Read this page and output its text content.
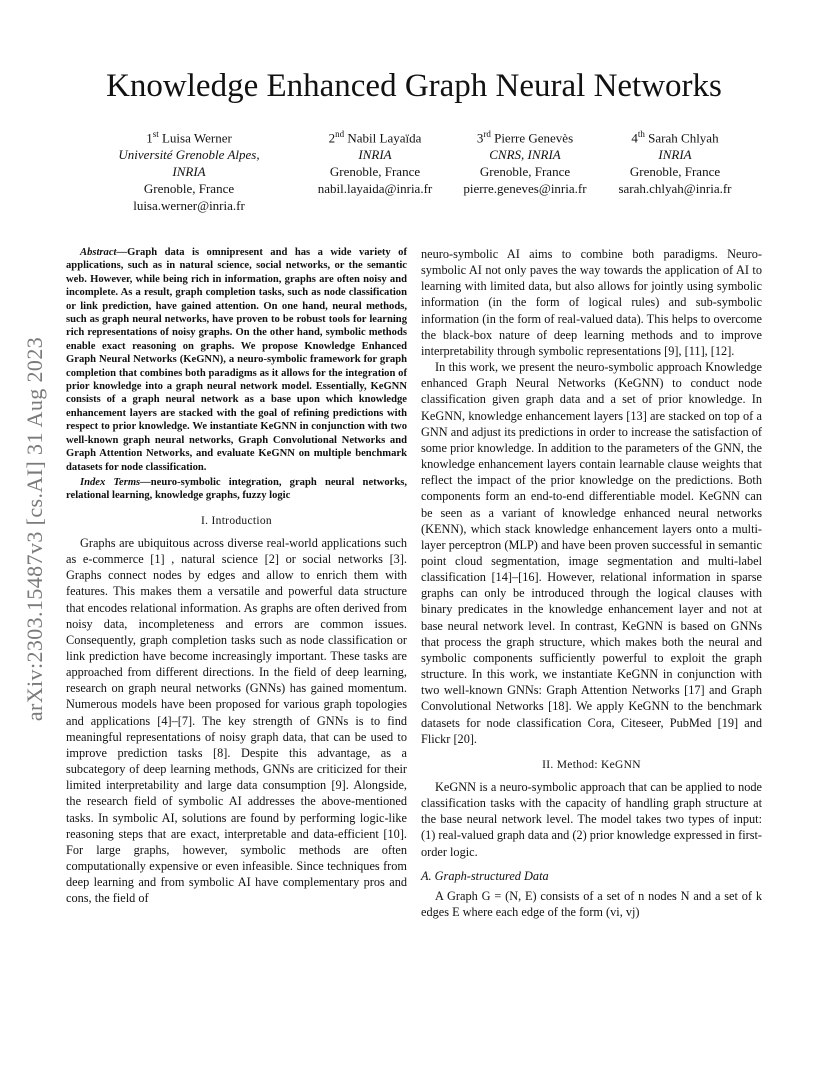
Knowledge Enhanced Graph Neural Networks
1st Luisa Werner
Université Grenoble Alpes, INRIA
Grenoble, France
luisa.werner@inria.fr
2nd Nabil Layaïda
INRIA
Grenoble, France
nabil.layaida@inria.fr
3rd Pierre Genevès
CNRS, INRIA
Grenoble, France
pierre.geneves@inria.fr
4th Sarah Chlyah
INRIA
Grenoble, France
sarah.chlyah@inria.fr
arXiv:2303.15487v3 [cs.AI] 31 Aug 2023

Abstract—Graph data is omnipresent and has a wide variety of applications, such as in natural science, social networks, or the semantic web. However, while being rich in information, graphs are often noisy and incomplete. As a result, graph completion tasks, such as node classification or link prediction, have gained attention. On one hand, neural methods, such as graph neural networks, have proven to be robust tools for learning rich representations of noisy graphs. On the other hand, symbolic methods enable exact reasoning on graphs. We propose Knowledge Enhanced Graph Neural Networks (KeGNN), a neuro-symbolic framework for graph completion that combines both paradigms as it allows for the integration of prior knowledge into a graph neural network model. Essentially, KeGNN consists of a graph neural network as a base upon which knowledge enhancement layers are stacked with the goal of refining predictions with respect to prior knowledge. We instantiate KeGNN in conjunction with two well-known graph neural networks, Graph Convolutional Networks and Graph Attention Networks, and evaluate KeGNN on multiple benchmark datasets for node classification.

Index Terms—neuro-symbolic integration, graph neural networks, relational learning, knowledge graphs, fuzzy logic

I. Introduction

Graphs are ubiquitous across diverse real-world applications such as e-commerce [1] , natural science [2] or social networks [3]. Graphs connect nodes by edges and allow to enrich them with features. This makes them a versatile and powerful data structure that encodes relational information. As graphs are often derived from noisy data, incompleteness and errors are common issues. Consequently, graph completion tasks such as node classification or link prediction have become increasingly important. These tasks are approached from different directions. In the field of deep learning, research on graph neural networks (GNNs) has gained momentum. Numerous models have been proposed for various graph topologies and applications [4]–[7]. The key strength of GNNs is to find meaningful representations of noisy graph data, that can be used to improve prediction tasks [8]. Despite this advantage, as a subcategory of deep learning methods, GNNs are criticized for their limited interpretability and large data consumption [9]. Alongside, the research field of symbolic AI addresses the above-mentioned tasks. In symbolic AI, solutions are found by performing logic-like reasoning steps that are exact, interpretable and data-efficient [10]. For large graphs, however, symbolic methods are often computationally expensive or even infeasible. Since techniques from deep learning and from symbolic AI have complementary pros and cons, the field of

neuro-symbolic AI aims to combine both paradigms. Neuro-symbolic AI not only paves the way towards the application of AI to learning with limited data, but also allows for jointly using symbolic information (in the form of logical rules) and sub-symbolic information (in the form of real-valued data). This helps to overcome the black-box nature of deep learning methods and to improve interpretability through symbolic representations [9], [11], [12].

In this work, we present the neuro-symbolic approach Knowledge enhanced Graph Neural Networks (KeGNN) to conduct node classification given graph data and a set of prior knowledge. In KeGNN, knowledge enhancement layers [13] are stacked on top of a GNN and adjust its predictions in order to increase the satisfaction of some prior knowledge. In addition to the parameters of the GNN, the knowledge enhancement layers contain learnable clause weights that reflect the impact of the prior knowledge on the predictions. Both components form an end-to-end differentiable model. KeGNN can be seen as a variant of knowledge enhanced neural networks (KENN), which stack knowledge enhancement layers onto a multi-layer perceptron (MLP) and have been proven successful in semantic point cloud segmentation, image segmentation and multi-label classification [14]–[16]. However, relational information in sparse graphs can only be introduced through the logical clauses with binary predicates in the knowledge enhancement layer and not at base neural network level. In contrast, KeGNN is based on GNNs that process the graph structure, which makes both the neural and symbolic components sufficiently powerful to exploit the graph structure. In this work, we instantiate KeGNN in conjunction with two well-known GNNs: Graph Attention Networks [17] and Graph Convolutional Networks [18]. We apply KeGNN to the benchmark datasets for node classification Cora, Citeseer, PubMed [19] and Flickr [20].

II. Method: KeGNN

KeGNN is a neuro-symbolic approach that can be applied to node classification tasks with the capacity of handling graph structure at the base neural network level. The model takes two types of input: (1) real-valued graph data and (2) prior knowledge expressed in first-order logic.

A. Graph-structured Data

A Graph G = (N, E) consists of a set of n nodes N and a set of k edges E where each edge of the form (vi, vj)
